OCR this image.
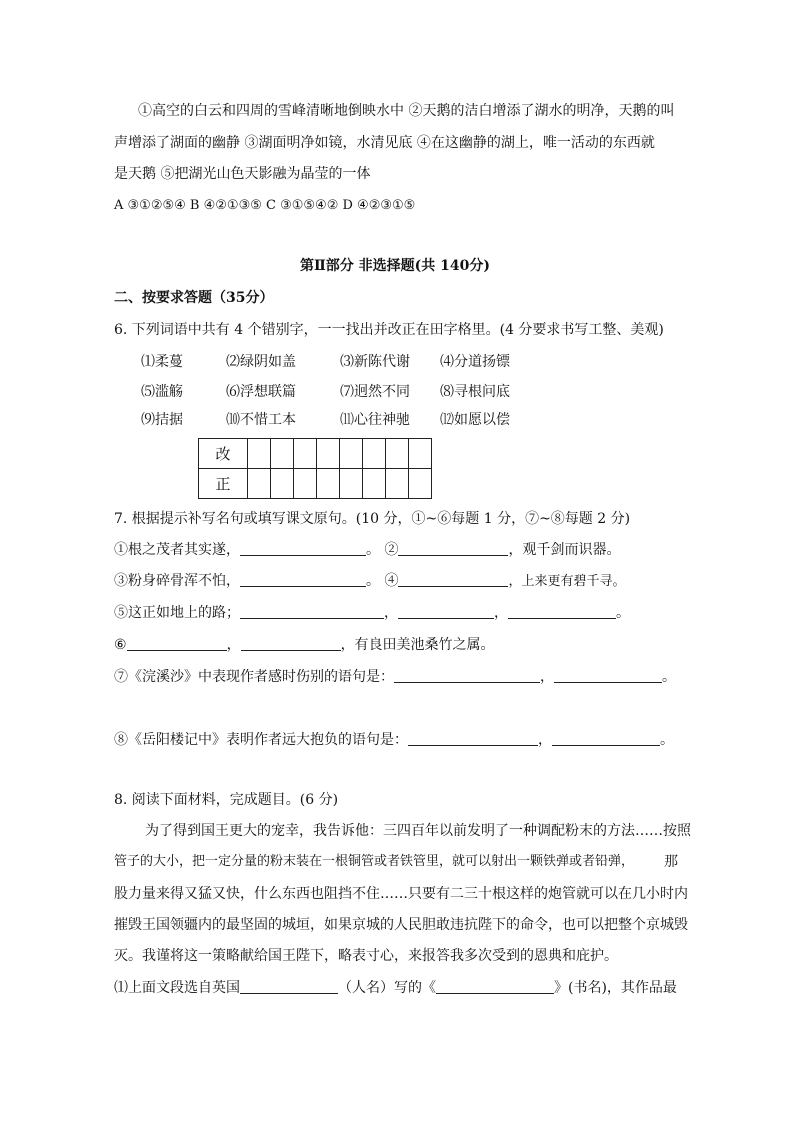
①高空的白云和四周的雪峰清晰地倒映水中 ②天鹅的洁白增添了湖水的明净，天鹅的叫
声增添了湖面的幽静 ③湖面明净如镜，水清见底 ④在这幽静的湖上，唯一活动的东西就
是天鹅 ⑤把湖光山色天影融为晶莹的一体
A ③①②⑤④ B ④②①③⑤ C ③①⑤④② D ④②③①⑤
第Ⅱ部分 非选择题(共 140分)
二、按要求答题（35分）
6. 下列词语中共有 4 个错别字，一一找出并改正在田字格里。(4 分要求书写工整、美观)
⑴柔蔓	⑵绿阴如盖	⑶新陈代谢 ⑷分道扬镖
⑸滥觞	⑹浮想联篇	⑺迥然不同 ⑻寻根问底
⑼拮据	⑽不惜工本	⑾心往神驰 ⑿如愿以偿
改								
正								
7. 根据提示补写名句或填写课文原句。(10 分，①~⑥每题 1 分，⑦~⑧每题 2 分)
①根之茂者其实遂，	。 ②	，观千剑而识器。
③粉身碎骨浑不怕，	。 ④	，上来更有碧千寻。
⑤这正如地上的路；	，	，	。
⑥	，	，有良田美池桑竹之属。
⑦《浣溪沙》中表现作者感时伤别的语句是：	，	。
⑧《岳阳楼记中》表明作者远大抱负的语句是：	，	。
8. 阅读下面材料，完成题目。(6 分)
为了得到国王更大的宠幸，我告诉他：三四百年以前发明了一种调配粉末的方法……按照
管子的大小，把一定分量的粉末装在一根铜管或者铁管里，就可以射出一颗铁弹或者铅弹， 那
股力量来得又猛又快，什么东西也阻挡不住……只要有二三十根这样的炮管就可以在几小时内
摧毁王国领疆内的最坚固的城垣，如果京城的人民胆敢违抗陛下的命令，也可以把整个京城毁
灭。我谨将这一策略献给国王陛下，略表寸心，来报答我多次受到的恩典和庇护。
⑴上面文段选自英国	（人名）写的《	》(书名)，其作品最
